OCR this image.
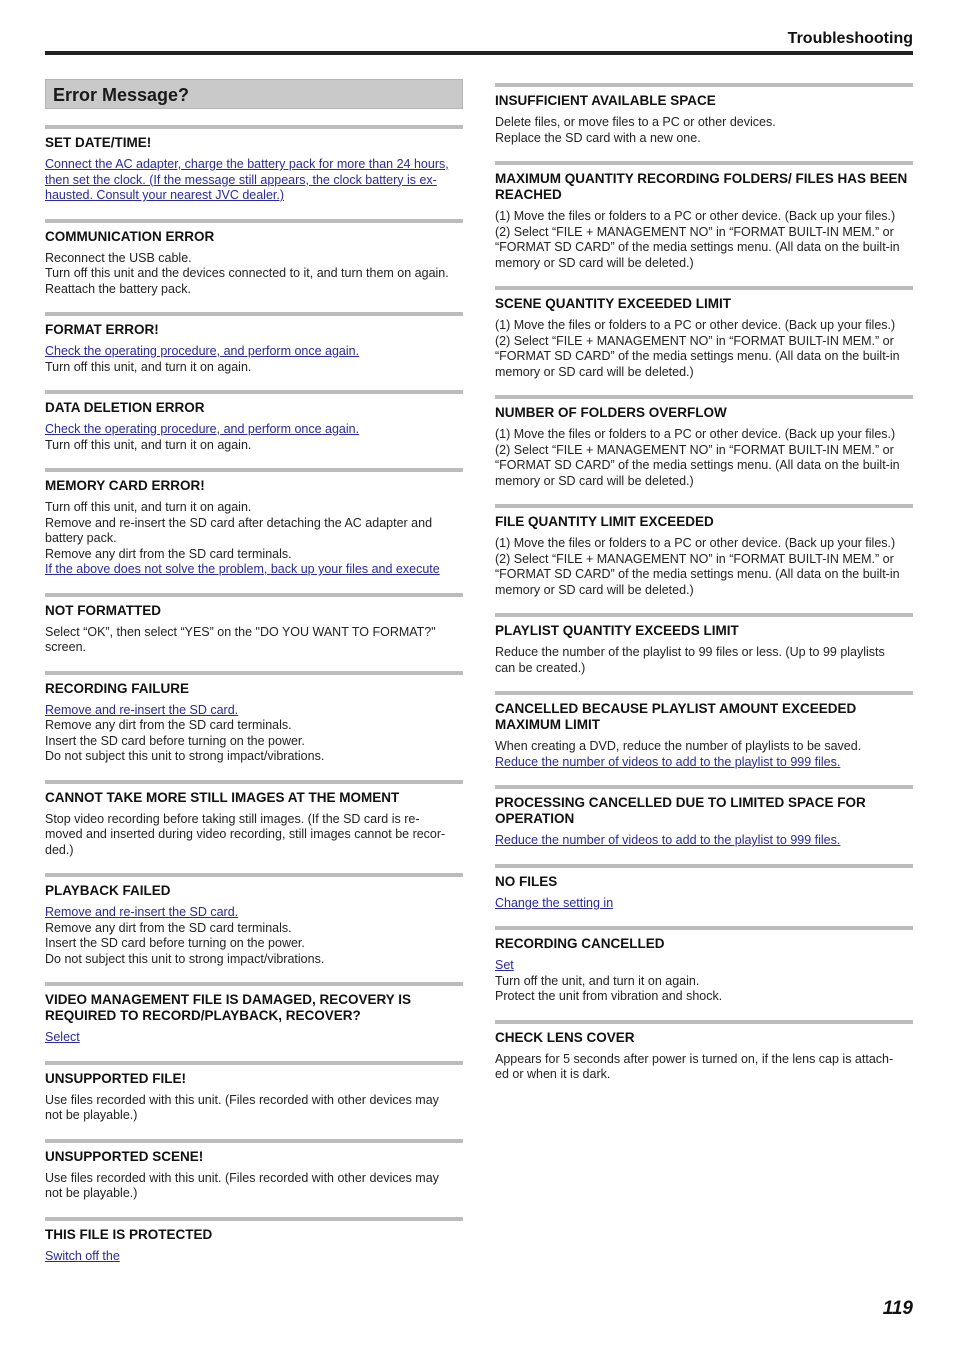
Troubleshooting
Error Message?
SET DATE/TIME!

Connect the AC adapter, charge the battery pack for more than 24 hours,

then set the clock. (If the message still appears, the clock battery is ex-

hausted. Consult your nearest JVC dealer.)

COMMUNICATION ERROR

Reconnect the USB cable.

Turn off this unit and the devices connected to it, and turn them on again.

Reattach the battery pack.

FORMAT ERROR!

Check the operating procedure, and perform once again.

Turn off this unit, and turn it on again.

DATA DELETION ERROR

Check the operating procedure, and perform once again.

Turn off this unit, and turn it on again.

MEMORY CARD ERROR!

Turn off this unit, and turn it on again.

Remove and re-insert the SD card after detaching the AC adapter and

battery pack.

Remove any dirt from the SD card terminals.

If the above does not solve the problem, back up your files and execute

NOT FORMATTED

Select “OK”, then select “YES” on the "DO YOU WANT TO FORMAT?"

screen.

RECORDING FAILURE

Remove and re-insert the SD card.

Remove any dirt from the SD card terminals.

Insert the SD card before turning on the power.

Do not subject this unit to strong impact/vibrations.

CANNOT TAKE MORE STILL IMAGES AT THE MOMENT

Stop video recording before taking still images. (If the SD card is re-

moved and inserted during video recording, still images cannot be recor-

ded.)

PLAYBACK FAILED

Remove and re-insert the SD card.

Remove any dirt from the SD card terminals.

Insert the SD card before turning on the power.

Do not subject this unit to strong impact/vibrations.

VIDEO MANAGEMENT FILE IS DAMAGED, RECOVERY IS REQUIRED TO RECORD/PLAYBACK, RECOVER?

Select

UNSUPPORTED FILE!

Use files recorded with this unit. (Files recorded with other devices may

not be playable.)

UNSUPPORTED SCENE!

Use files recorded with this unit. (Files recorded with other devices may

not be playable.)

THIS FILE IS PROTECTED

Switch off the

INSUFFICIENT AVAILABLE SPACE

Delete files, or move files to a PC or other devices.

Replace the SD card with a new one.

MAXIMUM QUANTITY RECORDING FOLDERS/ FILES HAS BEEN REACHED

(1) Move the files or folders to a PC or other device. (Back up your files.)

(2) Select “FILE + MANAGEMENT NO” in “FORMAT BUILT-IN MEM.” or

“FORMAT SD CARD” of the media settings menu. (All data on the built-in

memory or SD card will be deleted.)

SCENE QUANTITY EXCEEDED LIMIT

(1) Move the files or folders to a PC or other device. (Back up your files.)

(2) Select “FILE + MANAGEMENT NO” in “FORMAT BUILT-IN MEM.” or

“FORMAT SD CARD” of the media settings menu. (All data on the built-in

memory or SD card will be deleted.)

NUMBER OF FOLDERS OVERFLOW

(1) Move the files or folders to a PC or other device. (Back up your files.)

(2) Select “FILE + MANAGEMENT NO” in “FORMAT BUILT-IN MEM.” or

“FORMAT SD CARD” of the media settings menu. (All data on the built-in

memory or SD card will be deleted.)

FILE QUANTITY LIMIT EXCEEDED

(1) Move the files or folders to a PC or other device. (Back up your files.)

(2) Select “FILE + MANAGEMENT NO” in “FORMAT BUILT-IN MEM.” or

“FORMAT SD CARD” of the media settings menu. (All data on the built-in

memory or SD card will be deleted.)

PLAYLIST QUANTITY EXCEEDS LIMIT

Reduce the number of the playlist to 99 files or less. (Up to 99 playlists

can be created.)

CANCELLED BECAUSE PLAYLIST AMOUNT EXCEEDED MAXIMUM LIMIT

When creating a DVD, reduce the number of playlists to be saved.

Reduce the number of videos to add to the playlist to 999 files.

PROCESSING CANCELLED DUE TO LIMITED SPACE FOR OPERATION

Reduce the number of videos to add to the playlist to 999 files.

NO FILES

Change the setting in

RECORDING CANCELLED

Set

Turn off the unit, and turn it on again.

Protect the unit from vibration and shock.

CHECK LENS COVER

Appears for 5 seconds after power is turned on, if the lens cap is attach-

ed or when it is dark.

119
